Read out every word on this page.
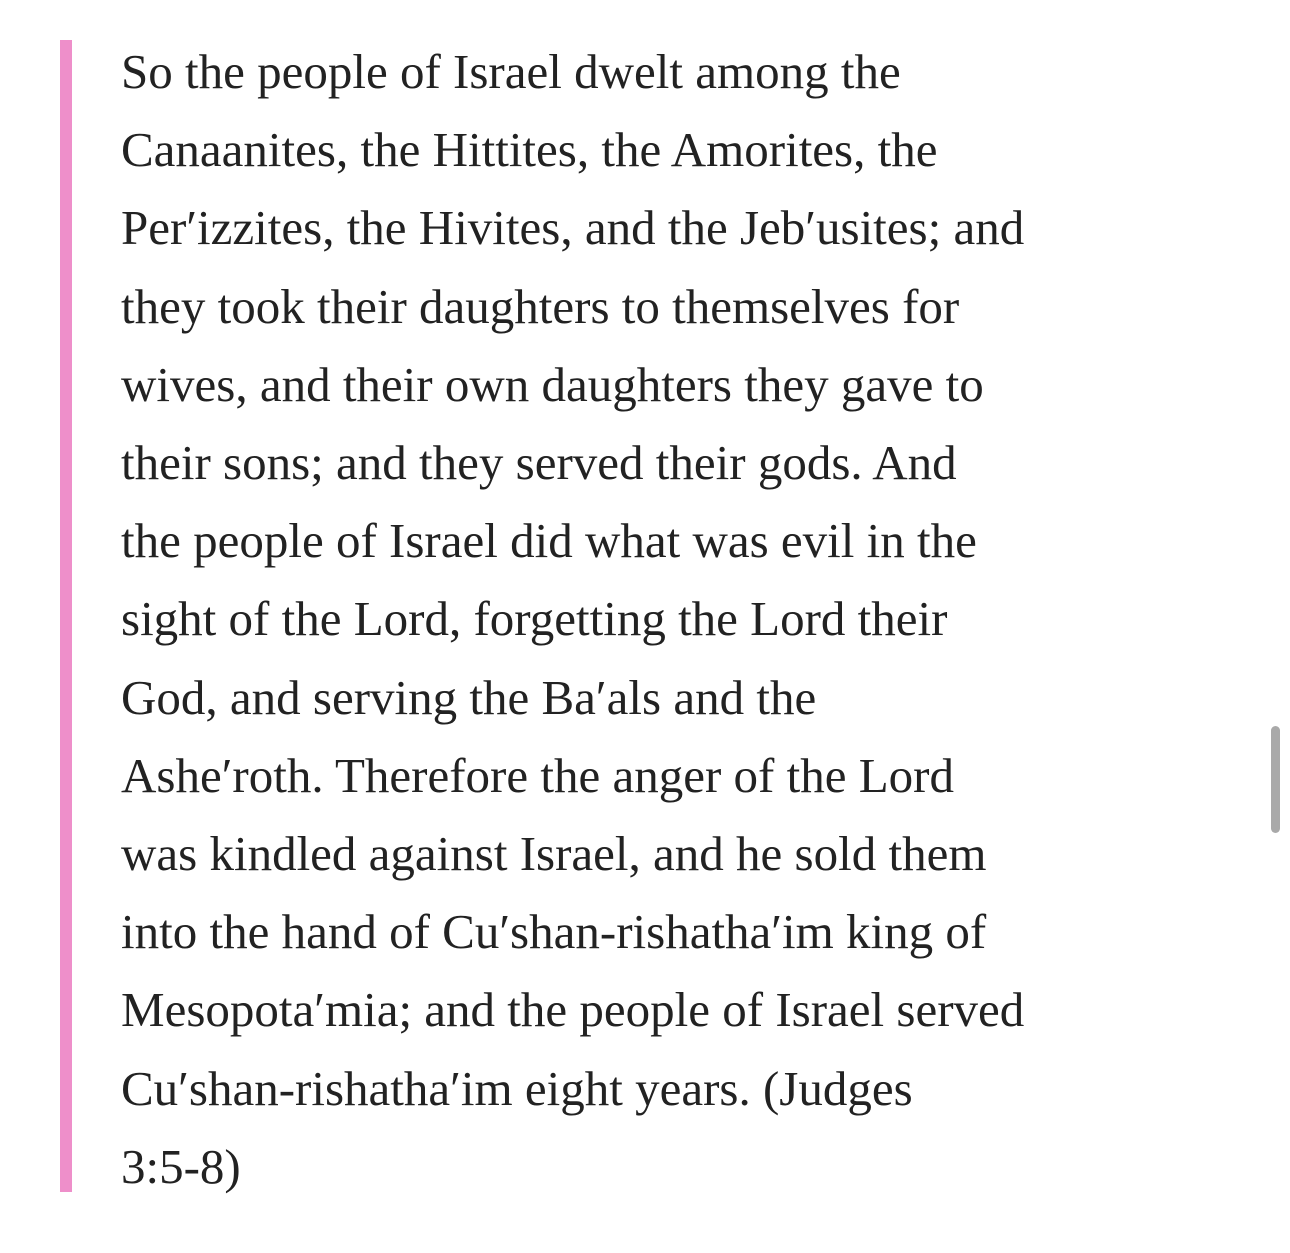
So the people of Israel dwelt among the
Canaanites, the Hittites, the Amorites, the
Per′izzites, the Hivites, and the Jeb′usites; and
they took their daughters to themselves for
wives, and their own daughters they gave to
their sons; and they served their gods. And
the people of Israel did what was evil in the
sight of the Lord, forgetting the Lord their
God, and serving the Ba′als and the
Ashe′roth. Therefore the anger of the Lord
was kindled against Israel, and he sold them
into the hand of Cu′shan-rishatha′im king of
Mesopota′mia; and the people of Israel served
Cu′shan-rishatha′im eight years. (Judges
3:5-8)
